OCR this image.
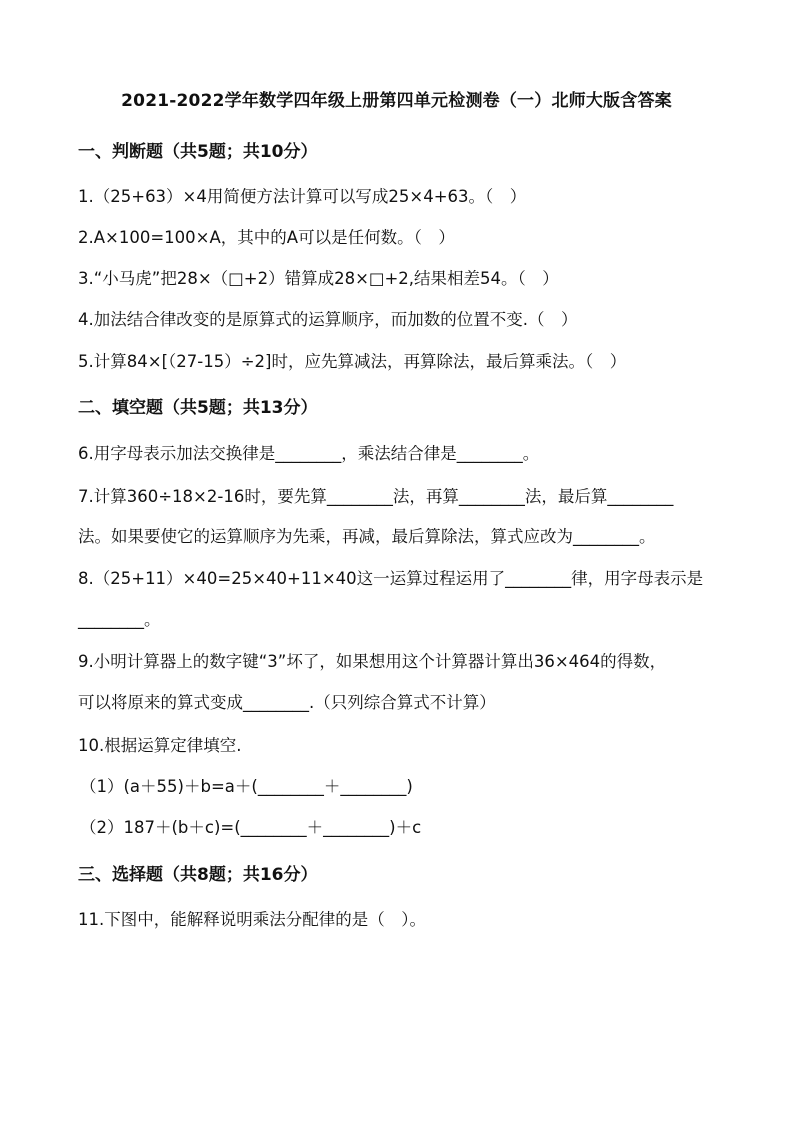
2021-2022学年数学四年级上册第四单元检测卷（一）北师大版含答案
一、判断题（共5题；共10分）
1.（25+63）×4用简便方法计算可以写成25×4+63。（　）
2.A×100=100×A，其中的A可以是任何数。（　）
3.“小马虎”把28×（□+2）错算成28×□+2,结果相差54。（　）
4.加法结合律改变的是原算式的运算顺序，而加数的位置不变.（　）
5.计算84×[（27-15）÷2]时，应先算减法，再算除法，最后算乘法。（　）
二、填空题（共5题；共13分）
6.用字母表示加法交换律是________，乘法结合律是________。
7.计算360÷18×2-16时，要先算________法，再算________法，最后算________
法。如果要使它的运算顺序为先乘，再减，最后算除法，算式应改为________。
8.（25+11）×40=25×40+11×40这一运算过程运用了________律，用字母表示是
________。
9.小明计算器上的数字键“3”坏了，如果想用这个计算器计算出36×464的得数，
可以将原来的算式变成________.（只列综合算式不计算）
10.根据运算定律填空.
（1）(a＋55)＋b=a＋(________＋________)
（2）187＋(b＋c)=(________＋________)＋c
三、选择题（共8题；共16分）
11.下图中，能解释说明乘法分配律的是（　）。
